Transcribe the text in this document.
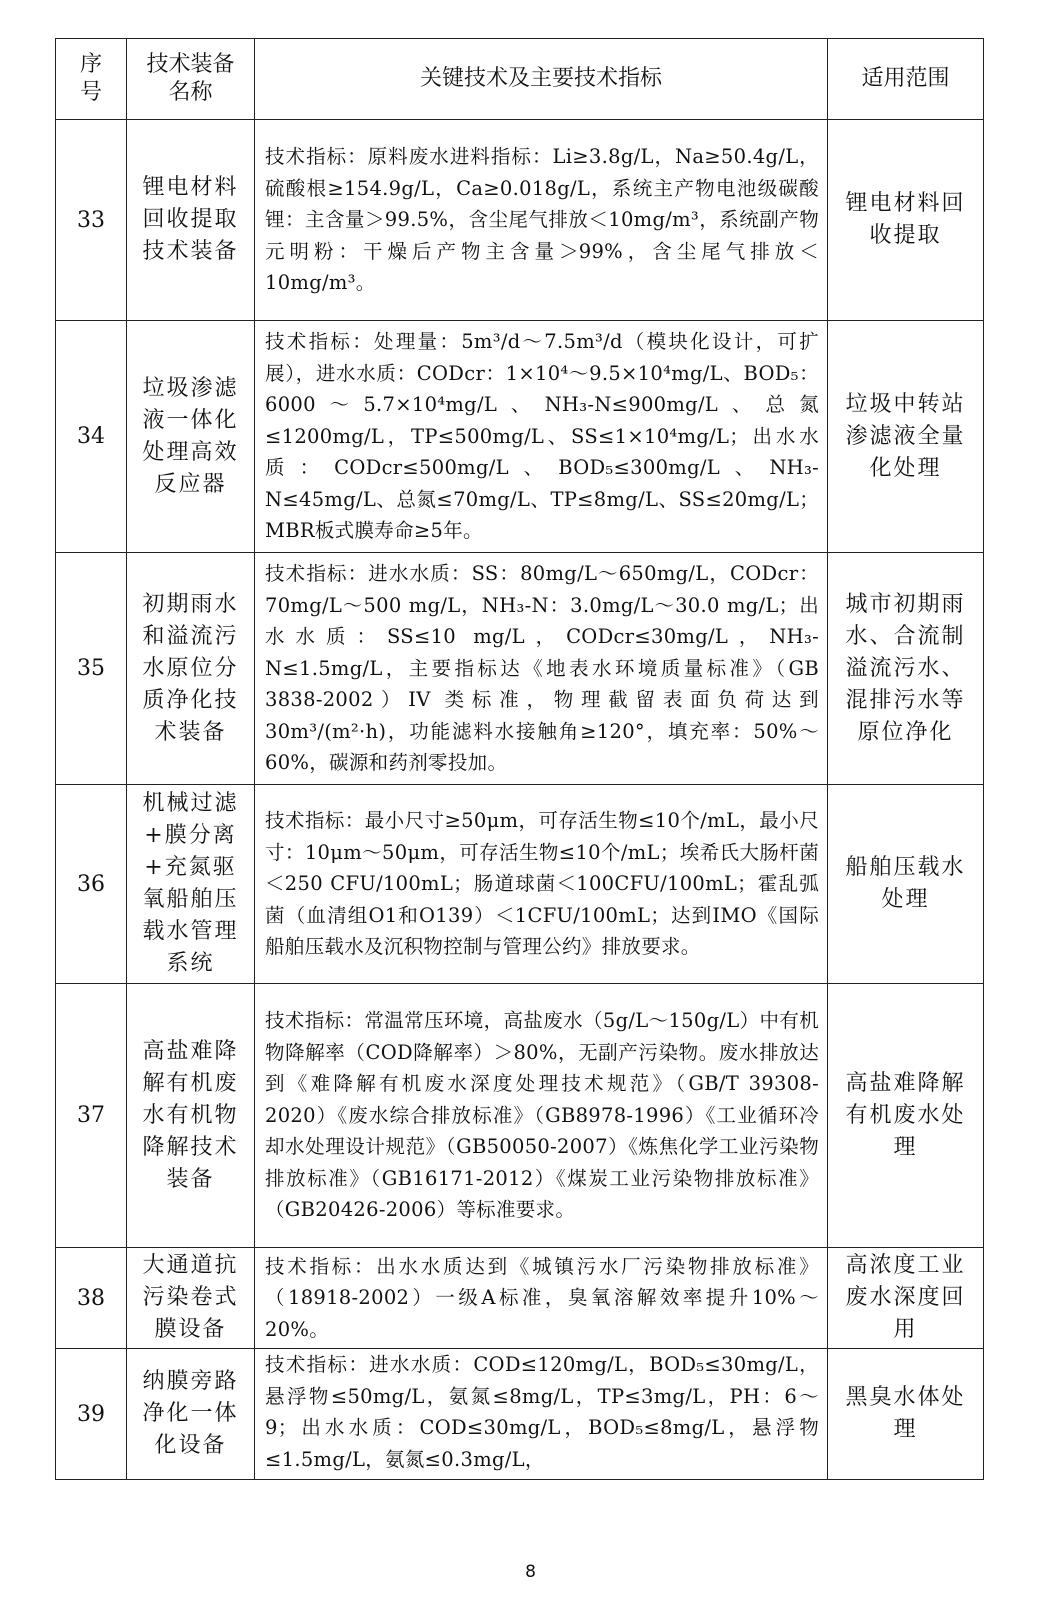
序号	技术装备名称	关键技术及主要技术指标	适用范围
33	锂电材料回收提取技术装备	技术指标：原料废水进料指标：Li≥3.8g/L，Na≥50.4g/L，硫酸根≥154.9g/L，Ca≥0.018g/L，系统主产物电池级碳酸锂：主含量＞99.5%，含尘尾气排放＜10mg/m³，系统副产物元明粉：干燥后产物主含量＞99%，含尘尾气排放＜10mg/m³。	锂电材料回收提取
34	垃圾渗滤液一体化处理高效反应器	技术指标：处理量：5m³/d～7.5m³/d（模块化设计，可扩展），进水水质：CODcr：1×10⁴～9.5×10⁴mg/L、BOD₅：6000～5.7×10⁴mg/L、NH₃-N≤900mg/L、总氮≤1200mg/L，TP≤500mg/L、SS≤1×10⁴mg/L；出水水质：CODcr≤500mg/L、BOD₅≤300mg/L、NH₃-N≤45mg/L、总氮≤70mg/L、TP≤8mg/L、SS≤20mg/L；MBR板式膜寿命≥5年。	垃圾中转站渗滤液全量化处理
35	初期雨水和溢流污水原位分质净化技术装备	技术指标：进水水质：SS：80mg/L～650mg/L，CODcr：70mg/L～500 mg/L，NH₃-N：3.0mg/L～30.0 mg/L；出水水质：SS≤10 mg/L，CODcr≤30mg/L，NH₃-N≤1.5mg/L，主要指标达《地表水环境质量标准》（GB 3838-2002）IV 类标准，物理截留表面负荷达到30m³/(m²·h)，功能滤料水接触角≥120°，填充率：50%～60%，碳源和药剂零投加。	城市初期雨水、合流制溢流污水、混排污水等原位净化
36	机械过滤+膜分离+充氮驱氧船舶压载水管理系统	技术指标：最小尺寸≥50μm，可存活生物≤10个/mL，最小尺寸：10μm～50μm，可存活生物≤10个/mL；埃希氏大肠杆菌＜250 CFU/100mL；肠道球菌＜100CFU/100mL；霍乱弧菌（血清组O1和O139）＜1CFU/100mL；达到IMO《国际船舶压载水及沉积物控制与管理公约》排放要求。	船舶压载水处理
37	高盐难降解有机废水有机物降解技术装备	技术指标：常温常压环境，高盐废水（5g/L～150g/L）中有机物降解率（COD降解率）＞80%，无副产污染物。废水排放达到《难降解有机废水深度处理技术规范》（GB/T 39308-2020）《废水综合排放标准》（GB8978-1996）《工业循环冷却水处理设计规范》（GB50050-2007）《炼焦化学工业污染物排放标准》（GB16171-2012）《煤炭工业污染物排放标准》（GB20426-2006）等标准要求。	高盐难降解有机废水处理
38	大通道抗污染卷式膜设备	技术指标：出水水质达到《城镇污水厂污染物排放标准》（18918-2002）一级A标准，臭氧溶解效率提升10%～20%。	高浓度工业废水深度回用
39	纳膜旁路净化一体化设备	技术指标：进水水质：COD≤120mg/L，BOD₅≤30mg/L，悬浮物≤50mg/L，氨氮≤8mg/L，TP≤3mg/L，PH：6～9；出水水质：COD≤30mg/L，BOD₅≤8mg/L，悬浮物≤1.5mg/L，氨氮≤0.3mg/L，	黑臭水体处理
8
